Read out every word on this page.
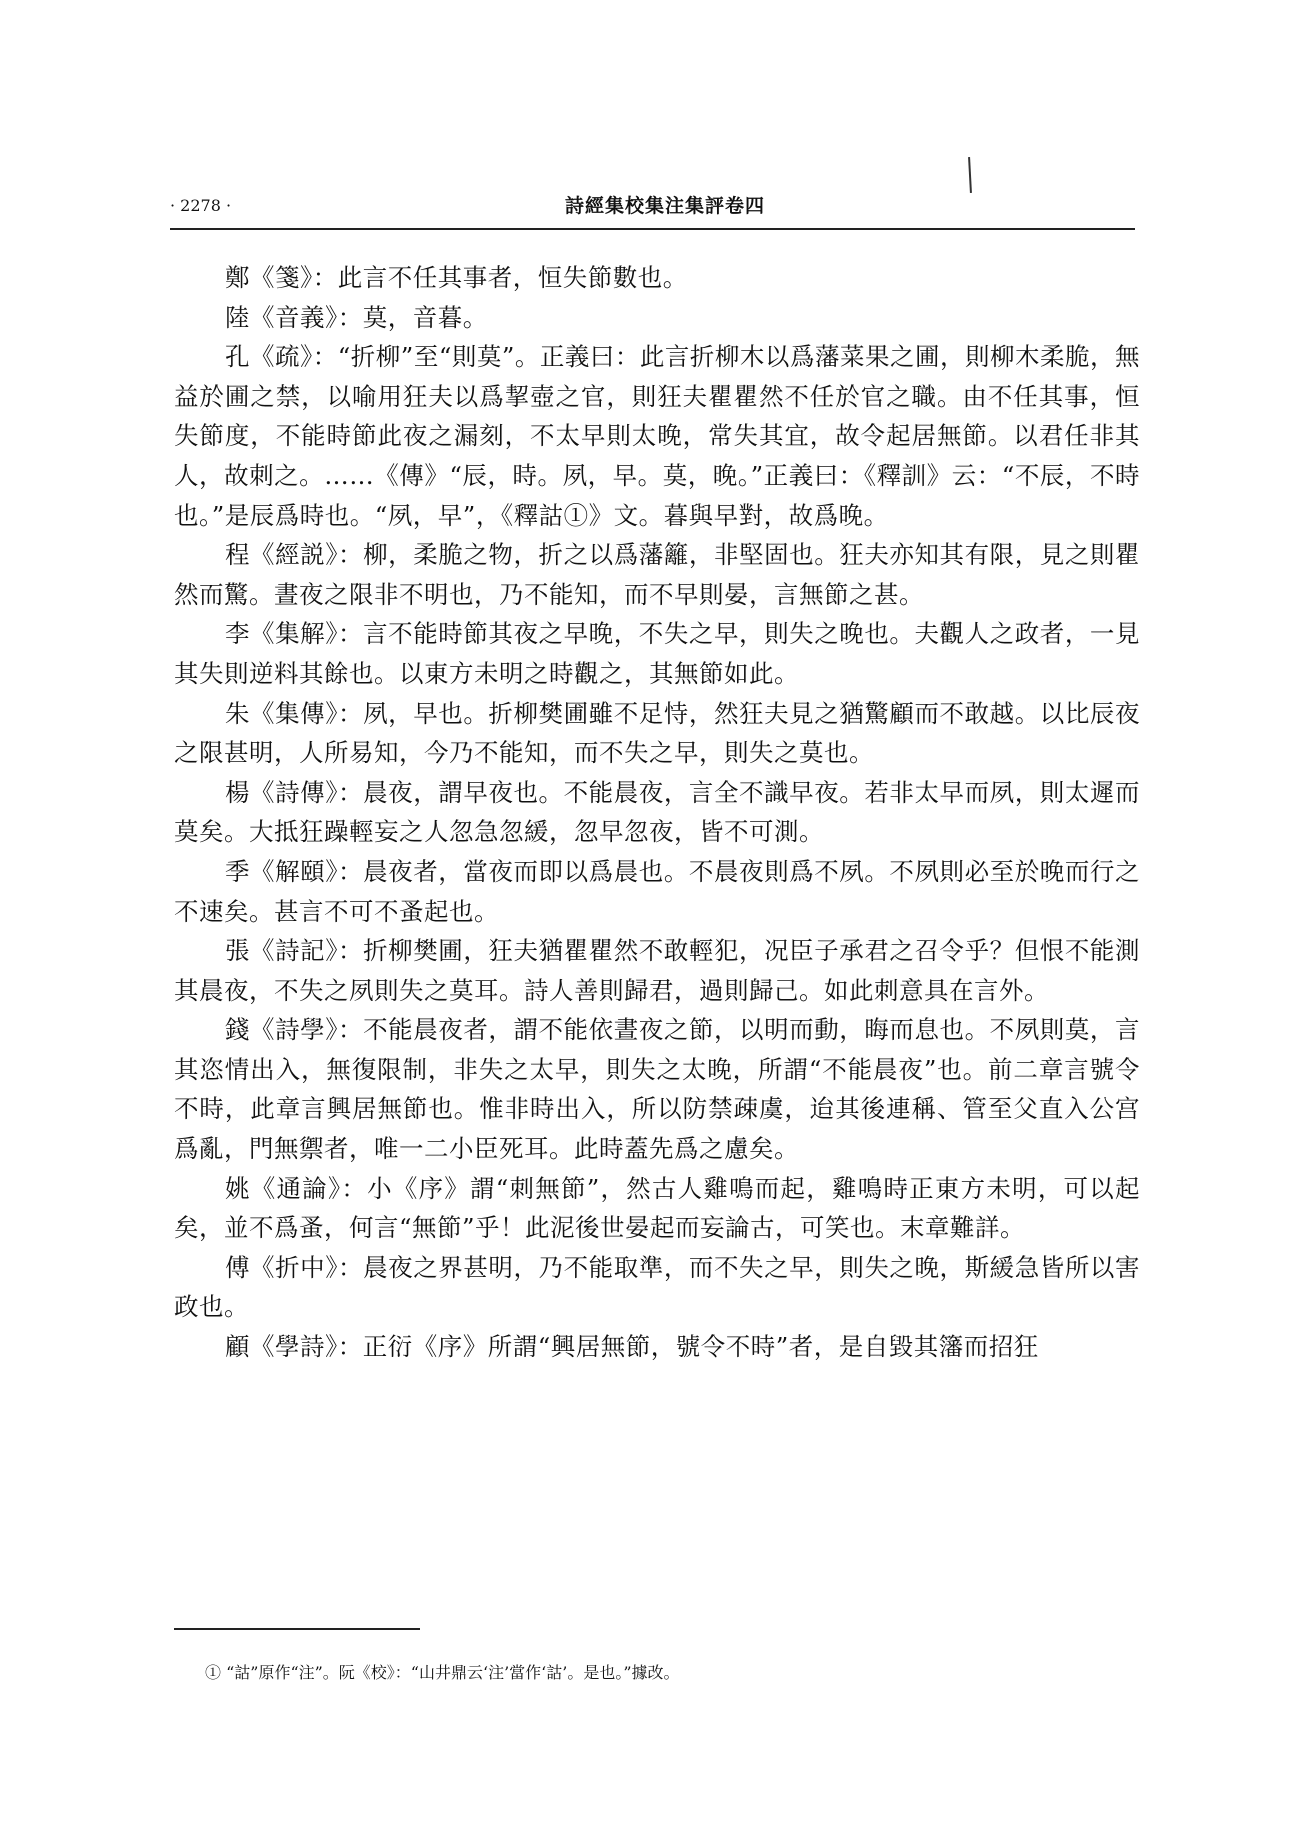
· 2278 ·	詩經集校集注集評卷四

鄭《箋》：此言不任其事者，恒失節數也。

陸《音義》：莫，音暮。

孔《疏》：“折柳”至“則莫”。正義曰：此言折柳木以爲藩菜果之圃，則柳木柔脆，無益於圃之禁，以喻用狂夫以爲挈壺之官，則狂夫瞿瞿然不任於官之職。由不任其事，恒失節度，不能時節此夜之漏刻，不太早則太晚，常失其宜，故令起居無節。以君任非其人，故刺之。……《傳》“辰，時。夙，早。莫，晚。”正義曰：《釋訓》云：“不辰，不時也。”是辰爲時也。“夙，早”，《釋詁①》文。暮與早對，故爲晚。

程《經説》：柳，柔脆之物，折之以爲藩籬，非堅固也。狂夫亦知其有限，見之則瞿然而驚。晝夜之限非不明也，乃不能知，而不早則晏，言無節之甚。

李《集解》：言不能時節其夜之早晚，不失之早，則失之晚也。夫觀人之政者，一見其失則逆料其餘也。以東方未明之時觀之，其無節如此。

朱《集傳》：夙，早也。折柳樊圃雖不足恃，然狂夫見之猶驚顧而不敢越。以比辰夜之限甚明，人所易知，今乃不能知，而不失之早，則失之莫也。

楊《詩傳》：晨夜，謂早夜也。不能晨夜，言全不識早夜。若非太早而夙，則太遲而莫矣。大抵狂躁輕妄之人忽急忽緩，忽早忽夜，皆不可測。

季《解頤》：晨夜者，當夜而即以爲晨也。不晨夜則爲不夙。不夙則必至於晚而行之不速矣。甚言不可不蚤起也。

張《詩記》：折柳樊圃，狂夫猶瞿瞿然不敢輕犯，况臣子承君之召令乎？但恨不能測其晨夜，不失之夙則失之莫耳。詩人善則歸君，過則歸己。如此刺意具在言外。

錢《詩學》：不能晨夜者，謂不能依晝夜之節，以明而動，晦而息也。不夙則莫，言其恣情出入，無復限制，非失之太早，則失之太晚，所謂“不能晨夜”也。前二章言號令不時，此章言興居無節也。惟非時出入，所以防禁疎虞，迨其後連稱、管至父直入公宫爲亂，門無禦者，唯一二小臣死耳。此時蓋先爲之慮矣。

姚《通論》：小《序》謂“刺無節”，然古人雞鳴而起，雞鳴時正東方未明，可以起矣，並不爲蚤，何言“無節”乎！此泥後世晏起而妄論古，可笑也。末章難詳。

傅《折中》：晨夜之界甚明，乃不能取準，而不失之早，則失之晚，斯緩急皆所以害政也。

顧《學詩》：正衍《序》所謂“興居無節，號令不時”者，是自毀其籓而招狂

① “詁”原作“注”。阮《校》：“山井鼎云‘注’當作‘詁’。是也。”據改。
